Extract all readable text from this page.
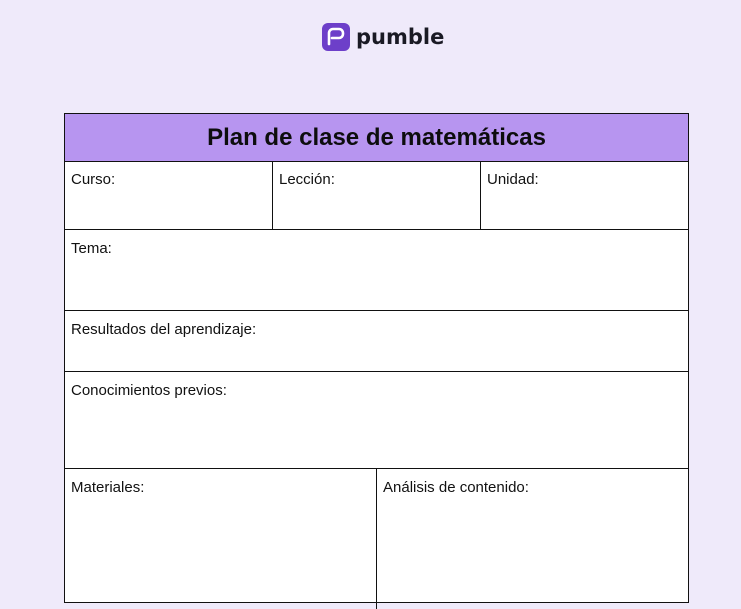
pumble
Plan de clase de matemáticas
Curso:	Lección:	Unidad:
Tema:
Resultados del aprendizaje:
Conocimientos previos:
Materiales:	Análisis de contenido:
